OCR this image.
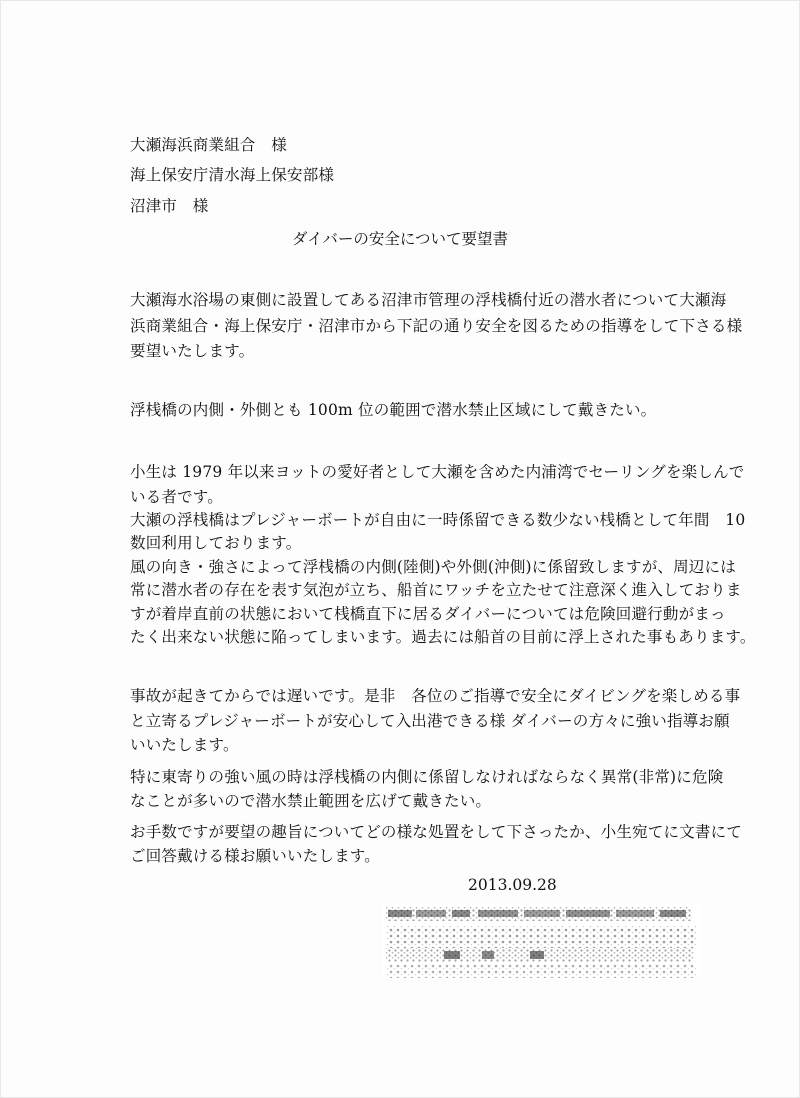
大瀬海浜商業組合　様
海上保安庁清水海上保安部様
沼津市　様
ダイバーの安全について要望書
大瀬海水浴場の東側に設置してある沼津市管理の浮桟橋付近の潜水者について大瀬海
浜商業組合・海上保安庁・沼津市から下記の通り安全を図るための指導をして下さる様
要望いたします。
浮桟橋の内側・外側とも 100m 位の範囲で潜水禁止区域にして戴きたい。
小生は 1979 年以来ヨットの愛好者として大瀬を含めた内浦湾でセーリングを楽しんで
いる者です。
大瀬の浮桟橋はプレジャーボートが自由に一時係留できる数少ない桟橋として年間　10
数回利用しております。
風の向き・強さによって浮桟橋の内側(陸側)や外側(沖側)に係留致しますが、周辺には
常に潜水者の存在を表す気泡が立ち、船首にワッチを立たせて注意深く進入しておりま
すが着岸直前の状態において桟橋直下に居るダイバーについては危険回避行動がまっ
たく出来ない状態に陥ってしまいます。過去には船首の目前に浮上された事もあります。
事故が起きてからでは遅いです。是非　各位のご指導で安全にダイビングを楽しめる事
と立寄るプレジャーボートが安心して入出港できる様 ダイバーの方々に強い指導お願
いいたします。
特に東寄りの強い風の時は浮桟橋の内側に係留しなければならなく異常(非常)に危険
なことが多いので潜水禁止範囲を広げて戴きたい。
お手数ですが要望の趣旨についてどの様な処置をして下さったか、小生宛てに文書にて
ご回答戴ける様お願いいたします。
2013.09.28
